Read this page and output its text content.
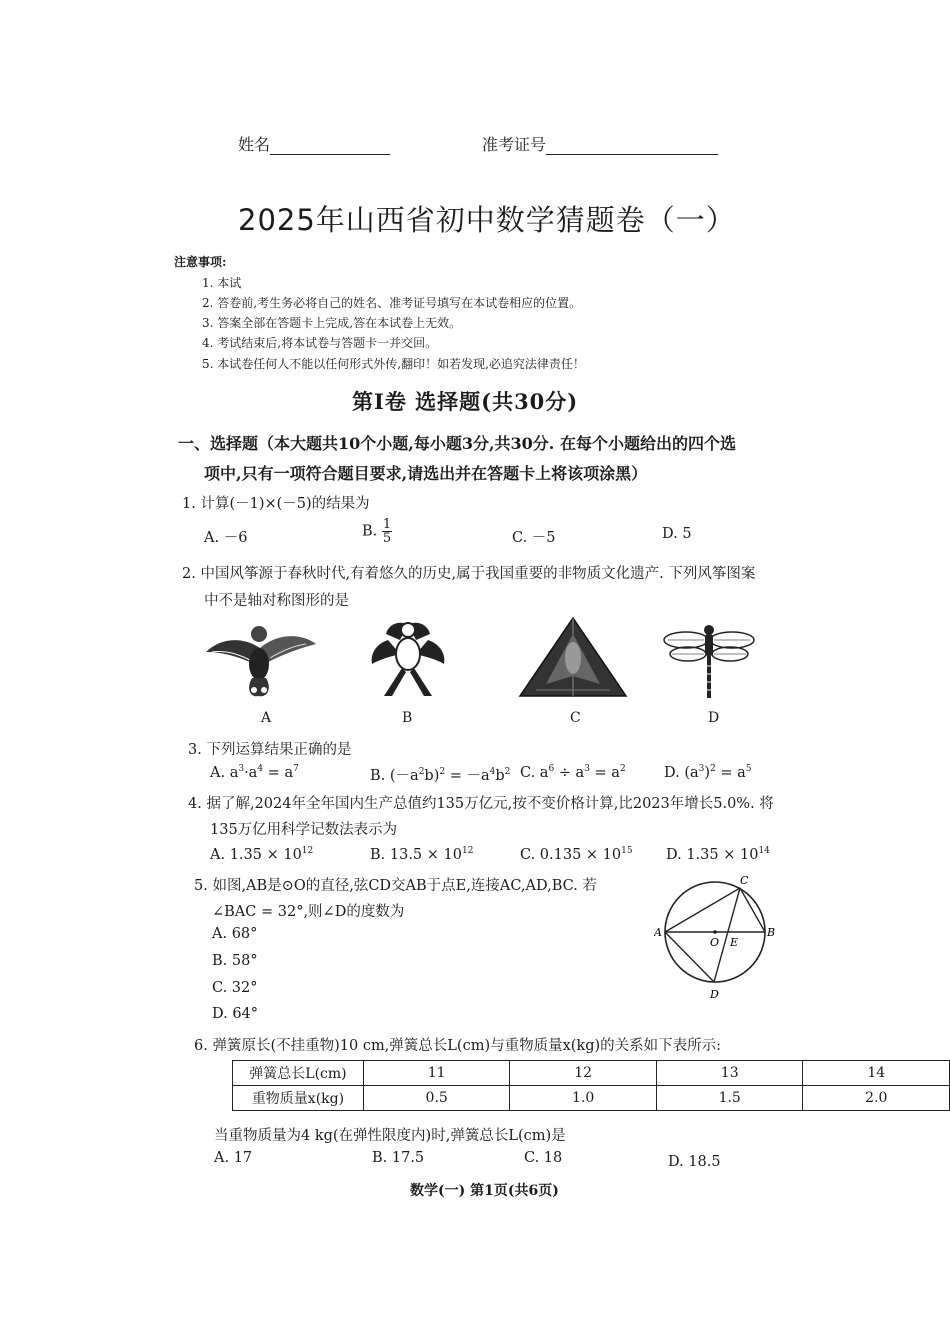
姓名	准考证号
2025年山西省初中数学猜题卷（一）
注意事项:
1. 本试
2. 答卷前,考生务必将自己的姓名、准考证号填写在本试卷相应的位置。
3. 答案全部在答题卡上完成,答在本试卷上无效。
4. 考试结束后,将本试卷与答题卡一并交回。
5. 本试卷任何人不能以任何形式外传,翻印！如若发现,必追究法律责任！
第Ⅰ卷 选择题(共30分)
一、选择题（本大题共10个小题,每小题3分,共30分. 在每个小题给出的四个选
项中,只有一项符合题目要求,请选出并在答题卡上将该项涂黑）
1. 计算(－1)×(－5)的结果为
A. －6	B. $\frac{1}{5}$	C. －5	D. 5
2. 中国风筝源于春秋时代,有着悠久的历史,属于我国重要的非物质文化遗产. 下列风筝图案
中不是轴对称图形的是
A	B	C	D
3. 下列运算结果正确的是
A. $a^3\cdot a^4 = a^7$	B. $(-a^2b)^2 = -a^4b^2$ C. $a^6 \div a^3 = a^2$	D. $(a^3)^2 = a^5$
4. 据了解,2024年全年国内生产总值约135万亿元,按不变价格计算,比2023年增长5.0%. 将
135万亿用科学记数法表示为
A. $1.35 \times 10^{12}$	B. $13.5 \times 10^{12}$	C. $0.135 \times 10^{15}$ D. $1.35 \times 10^{14}$
5. 如图,AB是⊙O的直径,弦CD交AB于点E,连接AC,AD,BC. 若
∠BAC = 32°,则∠D的度数为
A. 68°
B. 58°
C. 32°
D. 64°
A	B
C
D
O E
6. 弹簧原长(不挂重物)10 cm,弹簧总长L(cm)与重物质量x(kg)的关系如下表所示:
弹簧总长L(cm)	11	12	13	14
重物质量x(kg)	0.5	1.0	1.5	2.0
当重物质量为4 kg(在弹性限度内)时,弹簧总长L(cm)是
A. 17	B. 17.5	C. 18	D. 18.5
数学(一) 第1页(共6页)
